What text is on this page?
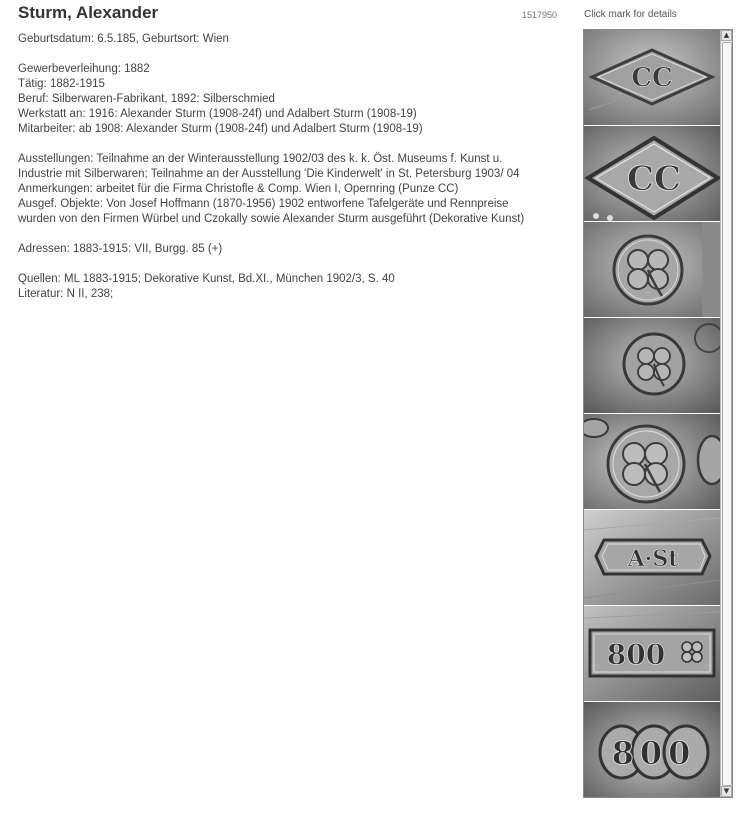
Sturm, Alexander	1517950	Click mark for details
Geburtsdatum: 6.5.185, Geburtsort: Wien
Gewerbeverleihung: 1882
Tätig: 1882-1915
Beruf: Silberwaren-Fabrikant, 1892: Silberschmied
Werkstatt an: 1916: Alexander Sturm (1908-24f) und Adalbert Sturm (1908-19)
Mitarbeiter: ab 1908: Alexander Sturm (1908-24f) und Adalbert Sturm (1908-19)
Ausstellungen: Teilnahme an der Winterausstellung 1902/03 des k. k. Öst. Museums f. Kunst u.
Industrie mit Silberwaren; Teilnahme an der Ausstellung 'Die Kinderwelt' in St. Petersburg 1903/ 04
Anmerkungen: arbeitet für die Firma Christofle & Comp. Wien I, Opernring (Punze CC)
Ausgef. Objekte: Von Josef Hoffmann (1870-1956) 1902 entworfene Tafelgeräte und Rennpreise
wurden von den Firmen Würbel und Czokally sowie Alexander Sturm ausgeführt (Dekorative Kunst)
Adressen: 1883-1915: VII, Burgg. 85 (+)
Quellen: ML 1883-1915; Dekorative Kunst, Bd.XI., München 1902/3, S. 40
Literatur: N II, 238;
CC
CC
A·St
800
800
▲
▼
